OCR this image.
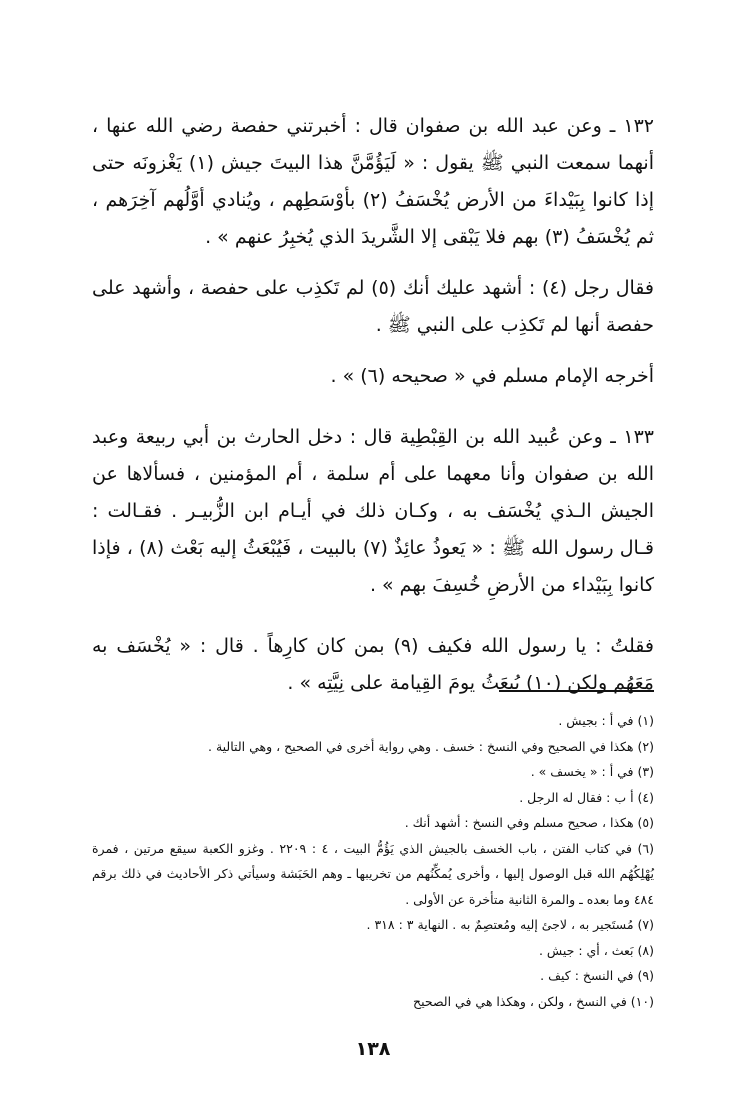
١٣٢ ـ وعن عبد الله بن صفوان قال : أخبرتني حفصة رضي الله عنها ، أنهما سمعت النبي ﷺ يقول : « لَيَؤُمَّنَّ هذا البيتَ جيش (١) يَغْزونَه حتى إذا كانوا بِبَيْداءَ من الأرض يُخْسَفُ (٢) بأوْسَطِهم ، ويُنادي أوَّلُهم آخِرَهم ، ثم يُخْسَفُ (٣) بهم فلا يَبْقى إلا الشَّريدَ الذي يُخبِرُ عنهم » .

فقال رجل (٤) : أشهد عليك أنك (٥) لم تَكذِب على حفصة ، وأشهد على حفصة أنها لم تَكذِب على النبي ﷺ .

أخرجه الإمام مسلم في « صحيحه (٦) » .

١٣٣ ـ وعن عُبيد الله بن القِبْطِية قال : دخل الحارث بن أبي ربيعة وعبد الله بن صفوان وأنا معهما على أم سلمة ، أم المؤمنين ، فسألاها عن الجيش الـذي يُخْسَف به ، وكـان ذلك في أيـام ابن الزُّبيـر . فقـالت : قـال رسول الله ﷺ : « يَعوذُ عائِذٌ (٧) بالبيت ، فَيُبْعَثُ إليه بَعْث (٨) ، فإذا كانوا بِبَيْداء من الأرضِ خُسِفَ بهم » .

فقلتُ : يا رسول الله فكيف (٩) بمن كان كارِهاً . قال : « يُخْسَف به مَعَهُم ولكن (١٠) يُبعَثُ يومَ القِيامة على نِيَّتِه » .

(١) في أ : بجيش .

(٢) هكذا في الصحيح وفي النسخ : خسف . وهي رواية أخرى في الصحيح ، وهي التالية .

(٣) في أ : « يخسف » .

(٤) أ ب : فقال له الرجل .

(٥) هكذا ، صحيح مسلم وفي النسخ : أشهد أنك .

(٦) في كتاب الفتن ، باب الخسف بالجيش الذي يَؤُمُّ البيت ، ٤ : ٢٢٠٩ . وغزو الكعبة سيقع مرتين ، فمرة يُهْلِكُهُم الله قبل الوصول إليها ، وأخرى يُمكِّنُهم من تخريبها ـ وهم الحَبَشة وسيأتي ذكر الأحاديث في ذلك برقم ٤٨٤ وما بعده ـ والمرة الثانية متأخرة عن الأولى .

(٧) مُستَجير به ، لاجئ إليه ومُعتصِمٌ به . النهاية ٣ : ٣١٨ .

(٨) بَعث ، أي : جيش .

(٩) في النسخ : كيف .

(١٠) في النسخ ، ولكن ، وهكذا هي في الصحيح

١٣٨
